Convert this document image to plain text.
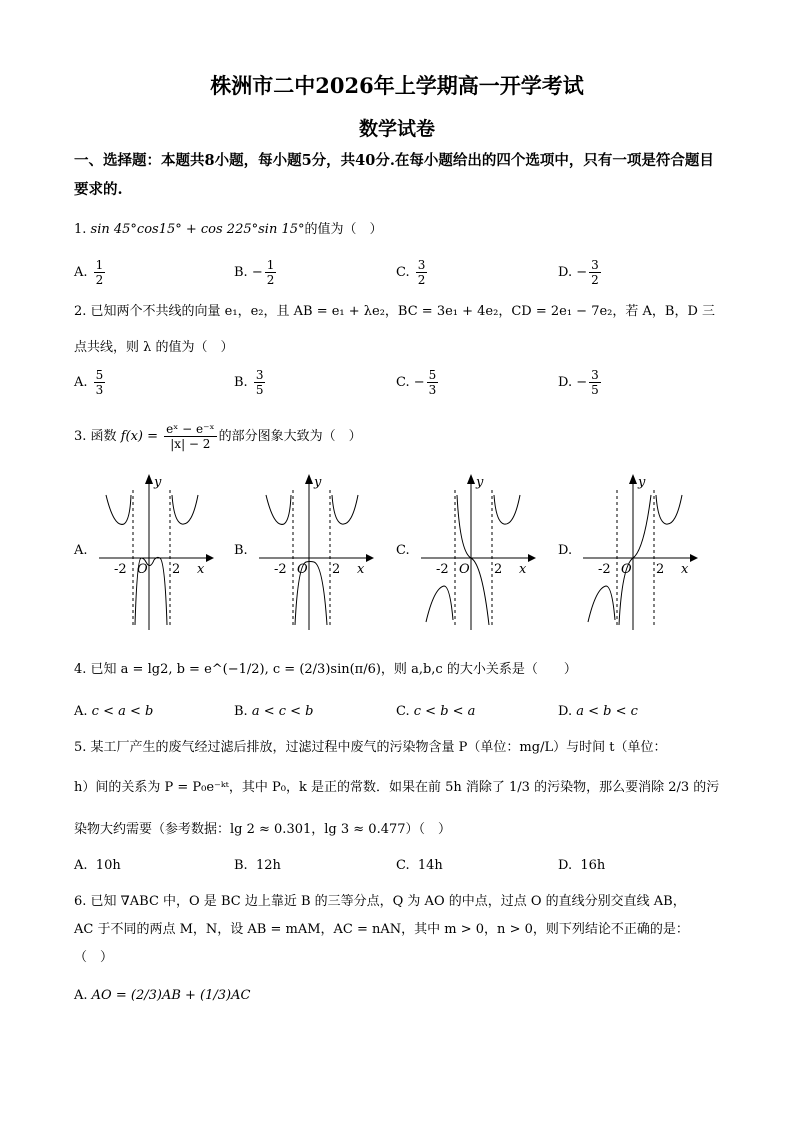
株洲市二中2026年上学期高一开学考试
数学试卷
一、选择题：本题共8小题，每小题5分，共40分.在每小题给出的四个选项中，只有一项是符合题目要求的.
1. sin 45°cos15° + cos 225°sin 15°的值为（　）
A. $\frac{1}{2}$	B. − $\frac{1}{2}$	C. $\frac{3}{2}$	D. − $\frac{3}{2}$
2. 已知两个不共线的向量 e₁，e₂，且 AB = e₁ + λe₂，BC = 3e₁ + 4e₂，CD = 2e₁ − 7e₂，若 A，B，D 三
点共线，则 λ 的值为（　）
A. $\frac{5}{3}$	B. $\frac{3}{5}$	C. − $\frac{5}{3}$	D. − $\frac{3}{5}$
3. 函数 $f(x) = \frac{\text{eˣ − e⁻ˣ}}{|x| - 2}$ 的部分图象大致为（　）
A.
y
x
O
-2	2
B.
y
x
O
-2	2
C.
y
x
O
-2	2
D.
y
x
O
-2	2
4. 已知 a = lg2, b = e^(−1/2), c = (2/3)sin(π/6)，则 a,b,c 的大小关系是（　　）
A. c < a < b	B. a < c < b	C. c < b < a	D. a < b < c
5. 某工厂产生的废气经过滤后排放，过滤过程中废气的污染物含量 P（单位：mg/L）与时间 t（单位：
h）间的关系为 P = P₀e⁻ᵏᵗ，其中 P₀，k 是正的常数．如果在前 5h 消除了 1/3 的污染物，那么要消除 2/3 的污
染物大约需要（参考数据：lg 2 ≈ 0.301，lg 3 ≈ 0.477）（　）
A. 10h	B. 12h	C. 14h	D. 16h
6. 已知 ∇ABC 中，O 是 BC 边上靠近 B 的三等分点，Q 为 AO 的中点，过点 O 的直线分别交直线 AB，
AC 于不同的两点 M，N，设 AB = mAM，AC = nAN，其中 m > 0，n > 0，则下列结论不正确的是：
（　）
A. AO = (2/3)AB + (1/3)AC
